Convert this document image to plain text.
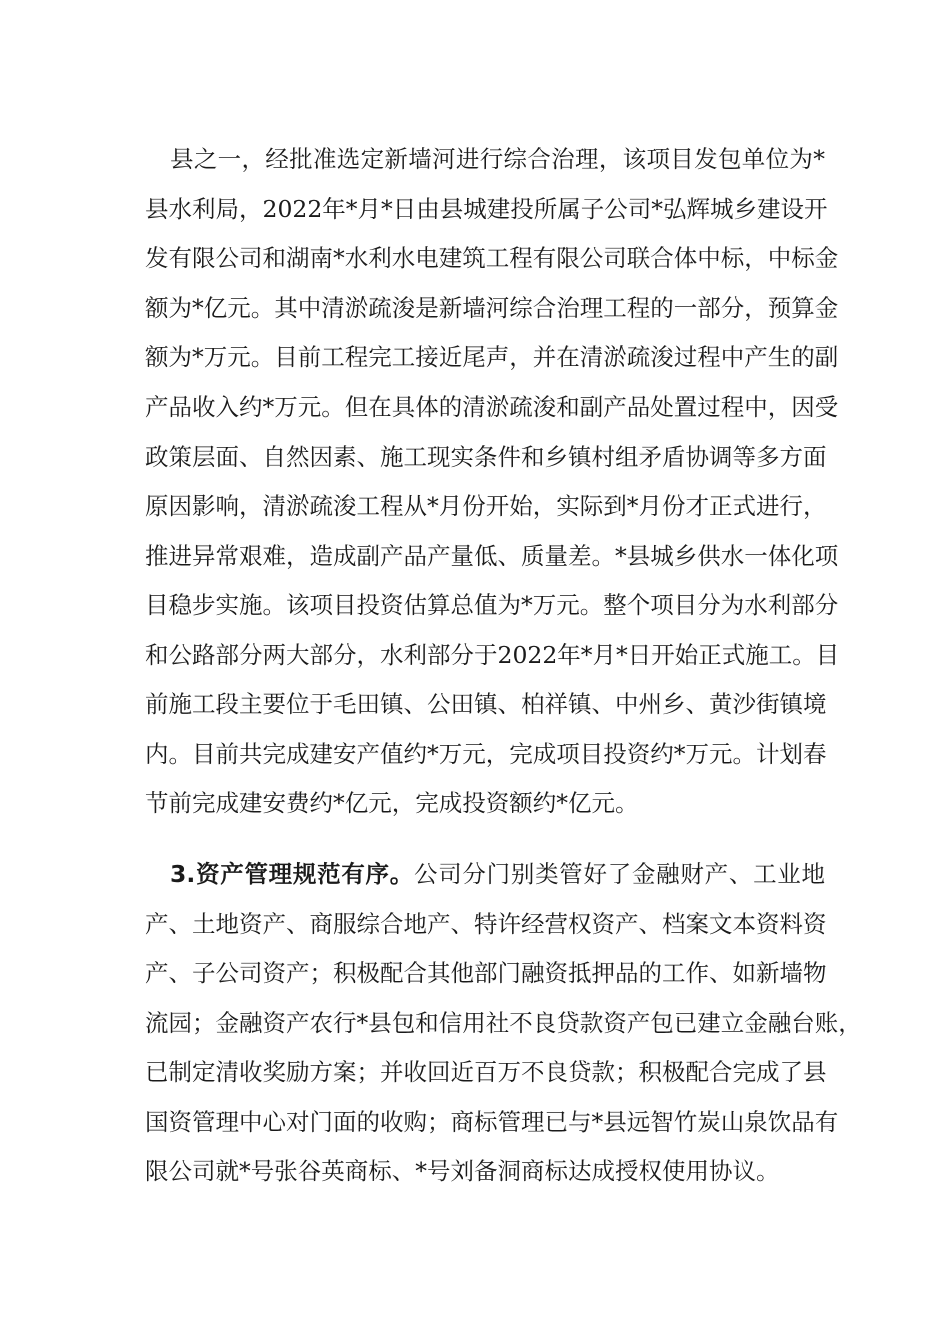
县之一，经批准选定新墙河进行综合治理，该项目发包单位为*
县水利局，2022年*月*日由县城建投所属子公司*弘辉城乡建设开
发有限公司和湖南*水利水电建筑工程有限公司联合体中标，中标金
额为*亿元。其中清淤疏浚是新墙河综合治理工程的一部分，预算金
额为*万元。目前工程完工接近尾声，并在清淤疏浚过程中产生的副
产品收入约*万元。但在具体的清淤疏浚和副产品处置过程中，因受
政策层面、自然因素、施工现实条件和乡镇村组矛盾协调等多方面
原因影响，清淤疏浚工程从*月份开始，实际到*月份才正式进行，
推进异常艰难，造成副产品产量低、质量差。*县城乡供水一体化项
目稳步实施。该项目投资估算总值为*万元。整个项目分为水利部分
和公路部分两大部分，水利部分于2022年*月*日开始正式施工。目
前施工段主要位于毛田镇、公田镇、柏祥镇、中州乡、黄沙街镇境
内。目前共完成建安产值约*万元，完成项目投资约*万元。计划春
节前完成建安费约*亿元，完成投资额约*亿元。
3.资产管理规范有序。公司分门别类管好了金融财产、工业地
产、土地资产、商服综合地产、特许经营权资产、档案文本资料资
产、子公司资产；积极配合其他部门融资抵押品的工作、如新墙物
流园；金融资产农行*县包和信用社不良贷款资产包已建立金融台账，
已制定清收奖励方案；并收回近百万不良贷款；积极配合完成了县
国资管理中心对门面的收购；商标管理已与*县远智竹炭山泉饮品有
限公司就*号张谷英商标、*号刘备洞商标达成授权使用协议。
